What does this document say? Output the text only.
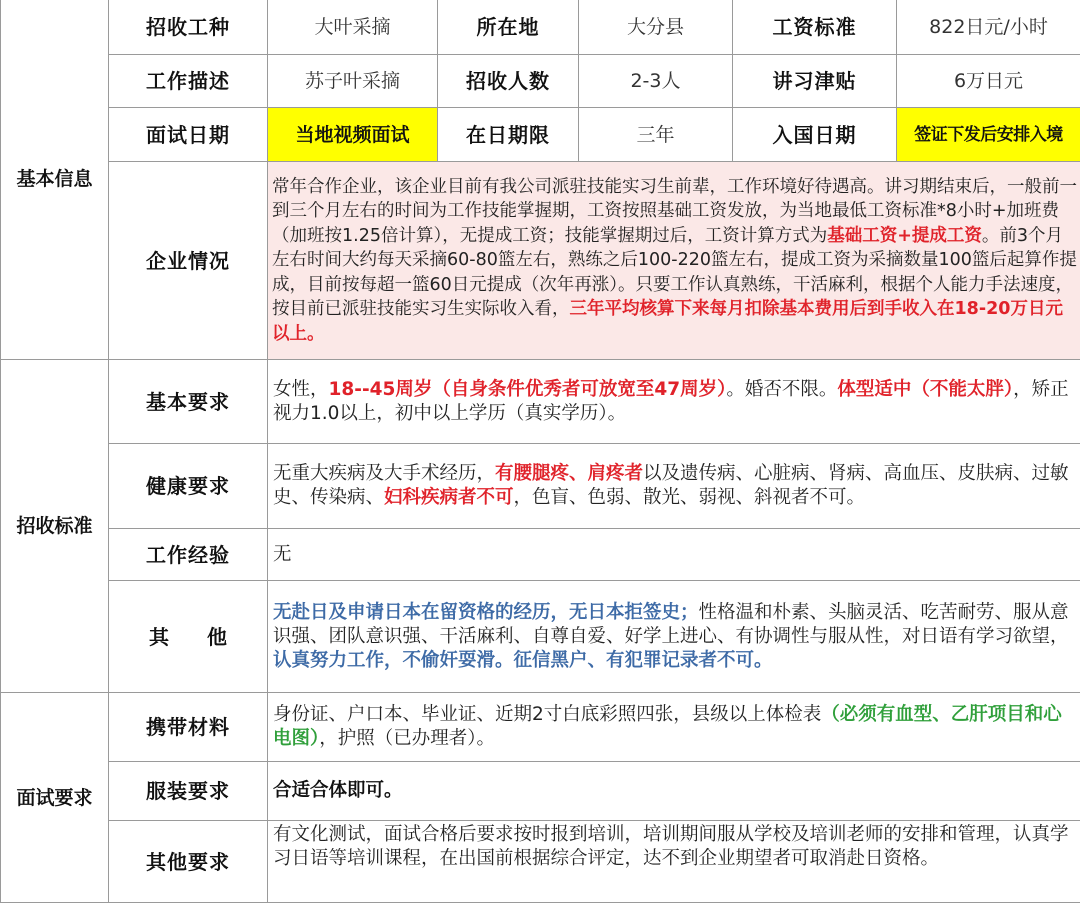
基本信息	招收工种	大叶采摘	所在地	大分县	工资标准	822日元/小时
	工作描述	苏子叶采摘	招收人数	2-3人	讲习津贴	6万日元
	面试日期	当地视频面试	在日期限	三年	入国日期	签证下发后安排入境
	企业情况	常年合作企业，该企业目前有我公司派驻技能实习生前辈，工作环境好待遇高。讲习期结束后，一般前一到三个月左右的时间为工作技能掌握期，工资按照基础工资发放，为当地最低工资标准*8小时+加班费（加班按1.25倍计算），无提成工资；技能掌握期过后，工资计算方式为基础工资+提成工资。前3个月左右时间大约每天采摘60-80篮左右，熟练之后100-220篮左右，提成工资为采摘数量100篮后起算作提成，目前按每超一篮60日元提成（次年再涨）。只要工作认真熟练，干活麻利，根据个人能力手法速度，按目前已派驻技能实习生实际收入看，三年平均核算下来每月扣除基本费用后到手收入在18-20万日元以上。				
招收标准	基本要求	女性，18--45周岁（自身条件优秀者可放宽至47周岁）。婚否不限。体型适中（不能太胖），矫正视力1.0以上，初中以上学历（真实学历）。				
	健康要求	无重大疾病及大手术经历，有腰腿疼、肩疼者以及遗传病、心脏病、肾病、高血压、皮肤病、过敏史、传染病、妇科疾病者不可，色盲、色弱、散光、弱视、斜视者不可。				
	工作经验	无				
	其他	无赴日及申请日本在留资格的经历，无日本拒签史；性格温和朴素、头脑灵活、吃苦耐劳、服从意识强、团队意识强、干活麻利、自尊自爱、好学上进心、有协调性与服从性，对日语有学习欲望，认真努力工作，不偷奸耍滑。征信黑户、有犯罪记录者不可。				
面试要求	携带材料	身份证、户口本、毕业证、近期2寸白底彩照四张，县级以上体检表（必须有血型、乙肝项目和心电图），护照（已办理者）。				
	服装要求	合适合体即可。				
	其他要求	有文化测试，面试合格后要求按时报到培训，培训期间服从学校及培训老师的安排和管理，认真学习日语等培训课程，在出国前根据综合评定，达不到企业期望者可取消赴日资格。				
